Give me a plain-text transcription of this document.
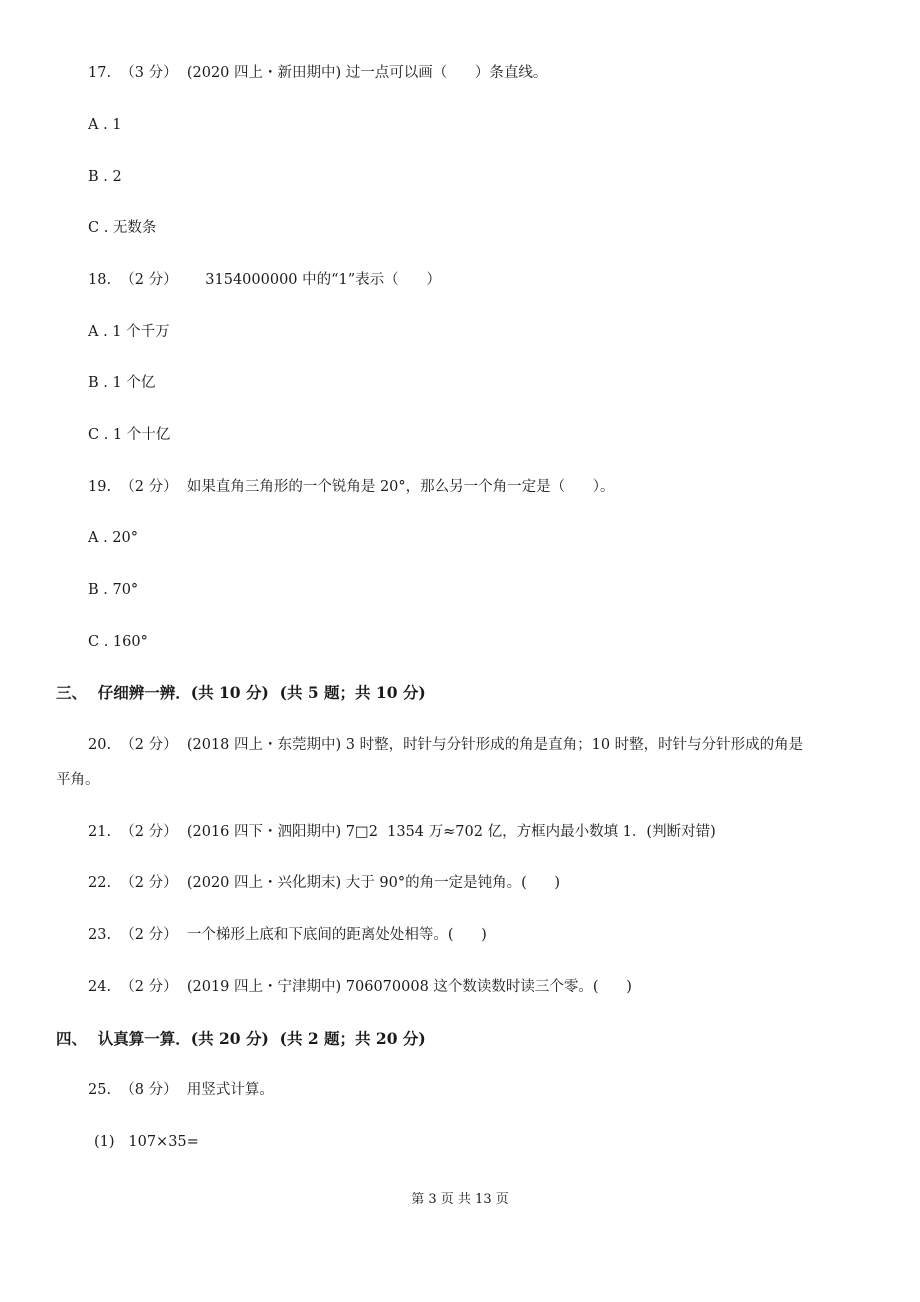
17.  （3 分）  (2020 四上・新田期中) 过一点可以画（      ）条直线。
A . 1
B . 2
C . 无数条
18.  （2 分）      3154000000 中的“1”表示（      ）
A . 1 个千万
B . 1 个亿
C . 1 个十亿
19.  （2 分）  如果直角三角形的一个锐角是 20°，那么另一个角一定是（      ）。
A . 20°
B . 70°
C . 160°
三、  仔细辨一辨．(共 10 分)  (共 5 题；共 10 分)
20.  （2 分）  (2018 四上・东莞期中) 3 时整，时针与分针形成的角是直角；10 时整，时针与分针形成的角是
平角。
21.  （2 分）  (2016 四下・泗阳期中) 7□2  1354 万≈702 亿，方框内最小数填 1．(判断对错)
22.  （2 分）  (2020 四上・兴化期末) 大于 90°的角一定是钝角。(      )
23.  （2 分）  一个梯形上底和下底间的距离处处相等。(      )
24.  （2 分）  (2019 四上・宁津期中) 706070008 这个数读数时读三个零。(      )
四、  认真算一算．(共 20 分)  (共 2 题；共 20 分)
25.  （8 分）  用竖式计算。
(1)   107×35=
第 3 页 共 13 页
